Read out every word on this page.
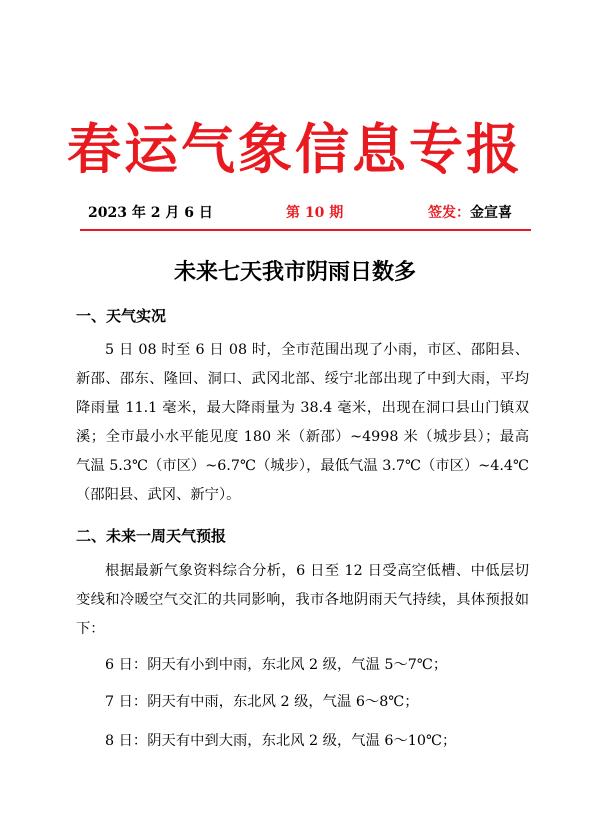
春运气象信息专报
2023 年 2 月 6 日	第 10 期	签发：金宣喜
未来七天我市阴雨日数多
一、天气实况
5 日 08 时至 6 日 08 时，全市范围出现了小雨，市区、邵阳县、新邵、邵东、隆回、洞口、武冈北部、绥宁北部出现了中到大雨，平均降雨量 11.1 毫米，最大降雨量为 38.4 毫米，出现在洞口县山门镇双溪；全市最小水平能见度 180 米（新邵）~4998 米（城步县）；最高气温 5.3℃（市区）~6.7℃（城步），最低气温 3.7℃（市区）~4.4℃（邵阳县、武冈、新宁）。
二、未来一周天气预报
根据最新气象资料综合分析，6 日至 12 日受高空低槽、中低层切变线和冷暖空气交汇的共同影响，我市各地阴雨天气持续，具体预报如下：
6 日：阴天有小到中雨，东北风 2 级，气温 5～7℃；
7 日：阴天有中雨，东北风 2 级，气温 6～8℃；
8 日：阴天有中到大雨，东北风 2 级，气温 6～10℃；
